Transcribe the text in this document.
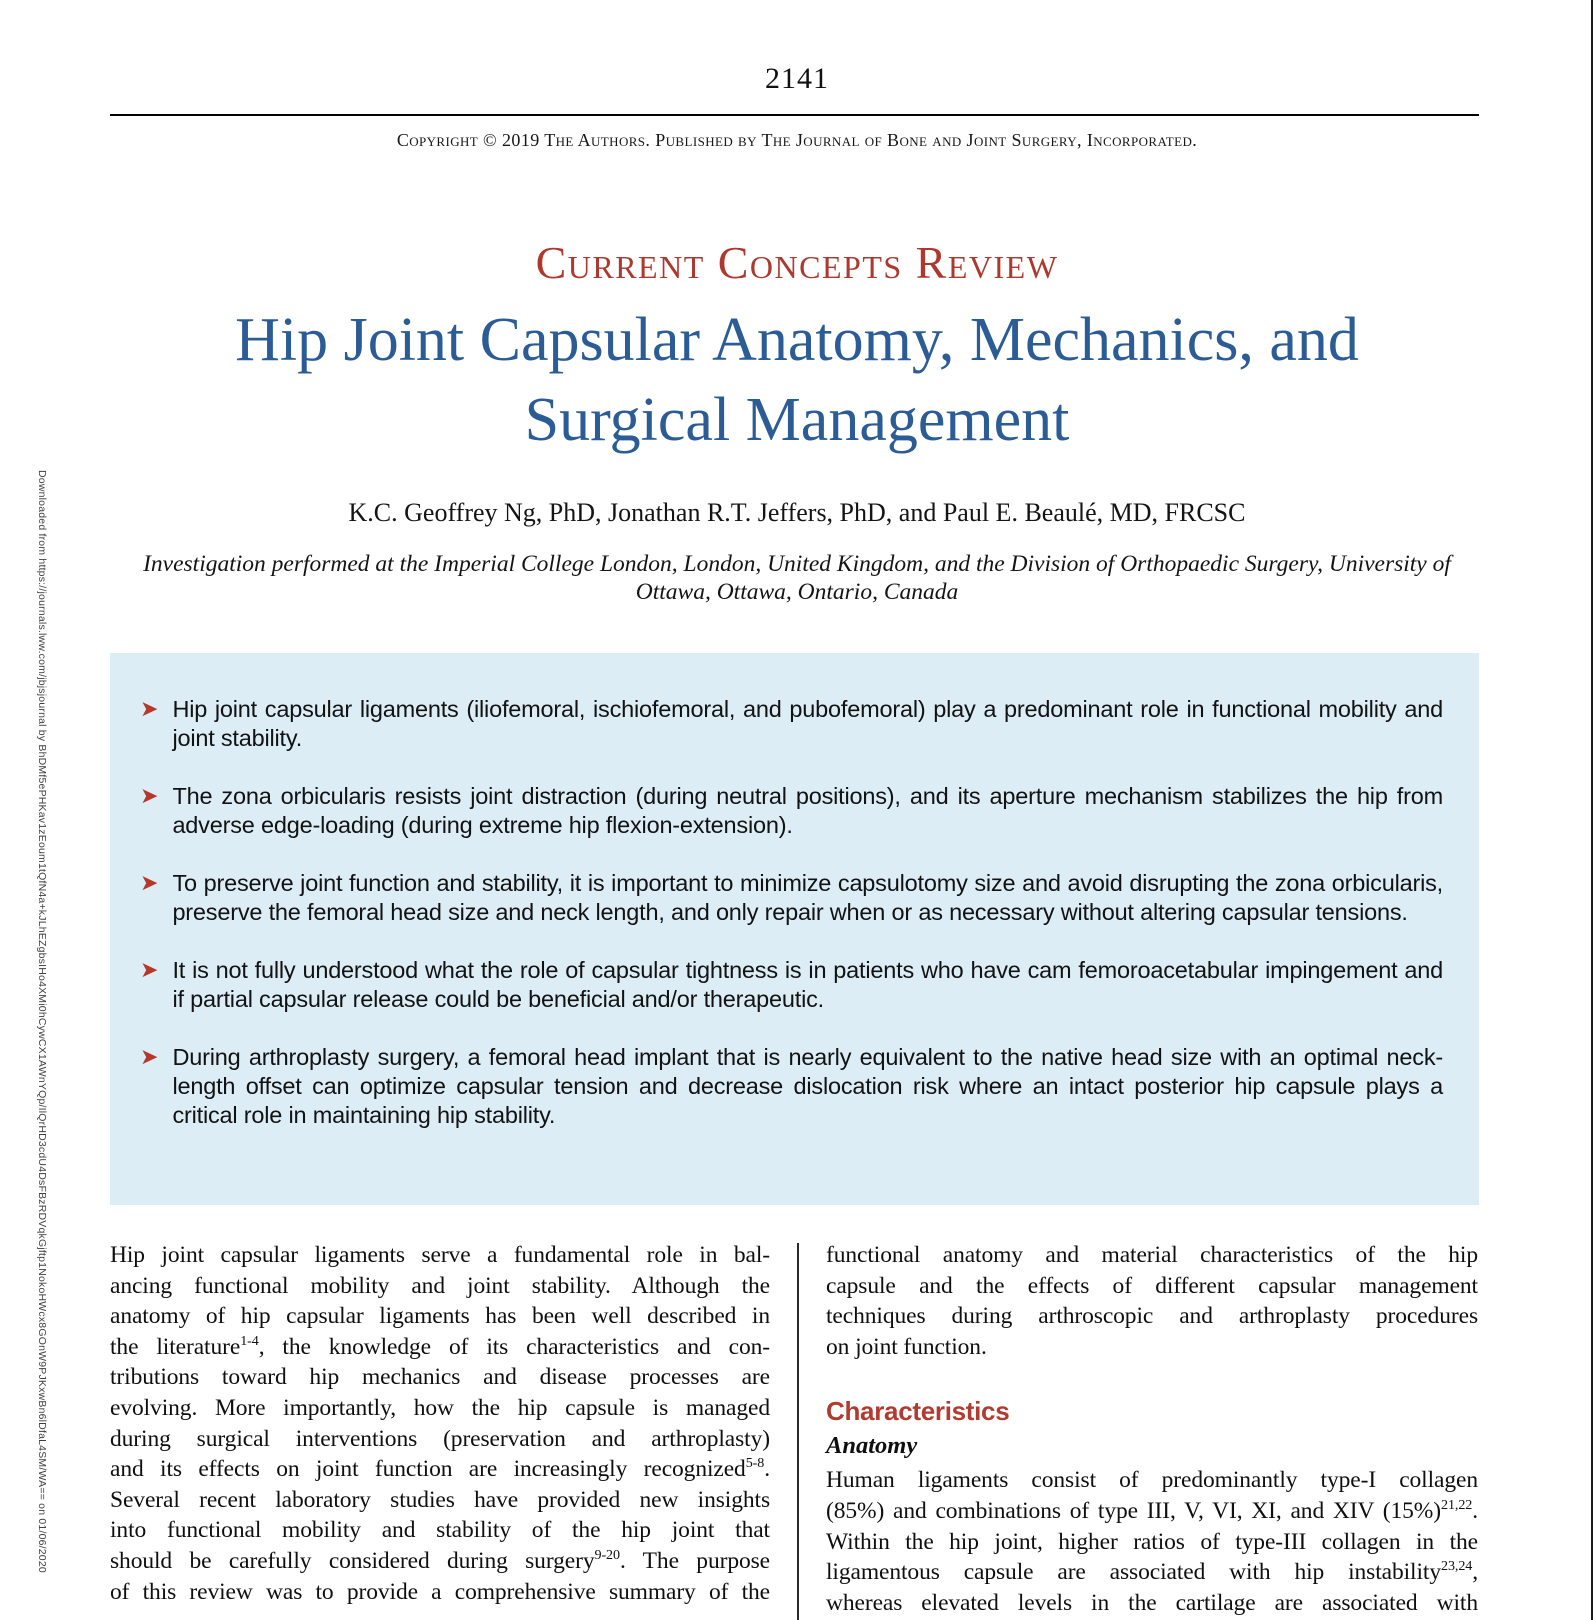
Downloaded from https://journals.lww.com/jbjsjournal by BhDMf5ePHKav1zEoum1tQfN4a+kJLhEZgbsIHo4XMi0hCywCX1AWnYQp/IlQrHD3cdU4DsFBzRDVqkGjftp1NokoHWcx8GOnW9PJKxwBn6lDfaL4SM/WA== on 01/06/2020
2141
Copyright © 2019 The Authors. Published by The Journal of Bone and Joint Surgery, Incorporated.
Current Concepts Review
Hip Joint Capsular Anatomy, Mechanics, and
Surgical Management
K.C. Geoffrey Ng, PhD, Jonathan R.T. Jeffers, PhD, and Paul E. Beaulé, MD, FRCSC
Investigation performed at the Imperial College London, London, United Kingdom, and the Division of Orthopaedic Surgery, University of Ottawa, Ottawa, Ontario, Canada
➤ Hip joint capsular ligaments (iliofemoral, ischiofemoral, and pubofemoral) play a predominant role in functional mobility and joint stability.
➤ The zona orbicularis resists joint distraction (during neutral positions), and its aperture mechanism stabilizes the hip from adverse edge-loading (during extreme hip flexion-extension).
➤ To preserve joint function and stability, it is important to minimize capsulotomy size and avoid disrupting the zona orbicularis, preserve the femoral head size and neck length, and only repair when or as necessary without altering capsular tensions.
➤ It is not fully understood what the role of capsular tightness is in patients who have cam femoroacetabular impingement and if partial capsular release could be beneficial and/or therapeutic.
➤ During arthroplasty surgery, a femoral head implant that is nearly equivalent to the native head size with an optimal neck-length offset can optimize capsular tension and decrease dislocation risk where an intact posterior hip capsule plays a critical role in maintaining hip stability.
Hip joint capsular ligaments serve a fundamental role in bal-
ancing functional mobility and joint stability. Although the
anatomy of hip capsular ligaments has been well described in
the literature$^{1-4}$, the knowledge of its characteristics and con-
tributions toward hip mechanics and disease processes are
evolving. More importantly, how the hip capsule is managed
during surgical interventions (preservation and arthroplasty)
and its effects on joint function are increasingly recognized$^{5-8}$.
Several recent laboratory studies have provided new insights
into functional mobility and stability of the hip joint that
should be carefully considered during surgery$^{9-20}$. The purpose
of this review was to provide a comprehensive summary of the
functional anatomy and material characteristics of the hip
capsule and the effects of different capsular management
techniques during arthroscopic and arthroplasty procedures
on joint function.
Characteristics
Anatomy
Human ligaments consist of predominantly type-I collagen
(85%) and combinations of type III, V, VI, XI, and XIV $(15\%)^{21,22}$.
Within the hip joint, higher ratios of type-III collagen in the
ligamentous capsule are associated with hip instability$^{23,24}$,
whereas elevated levels in the cartilage are associated with
